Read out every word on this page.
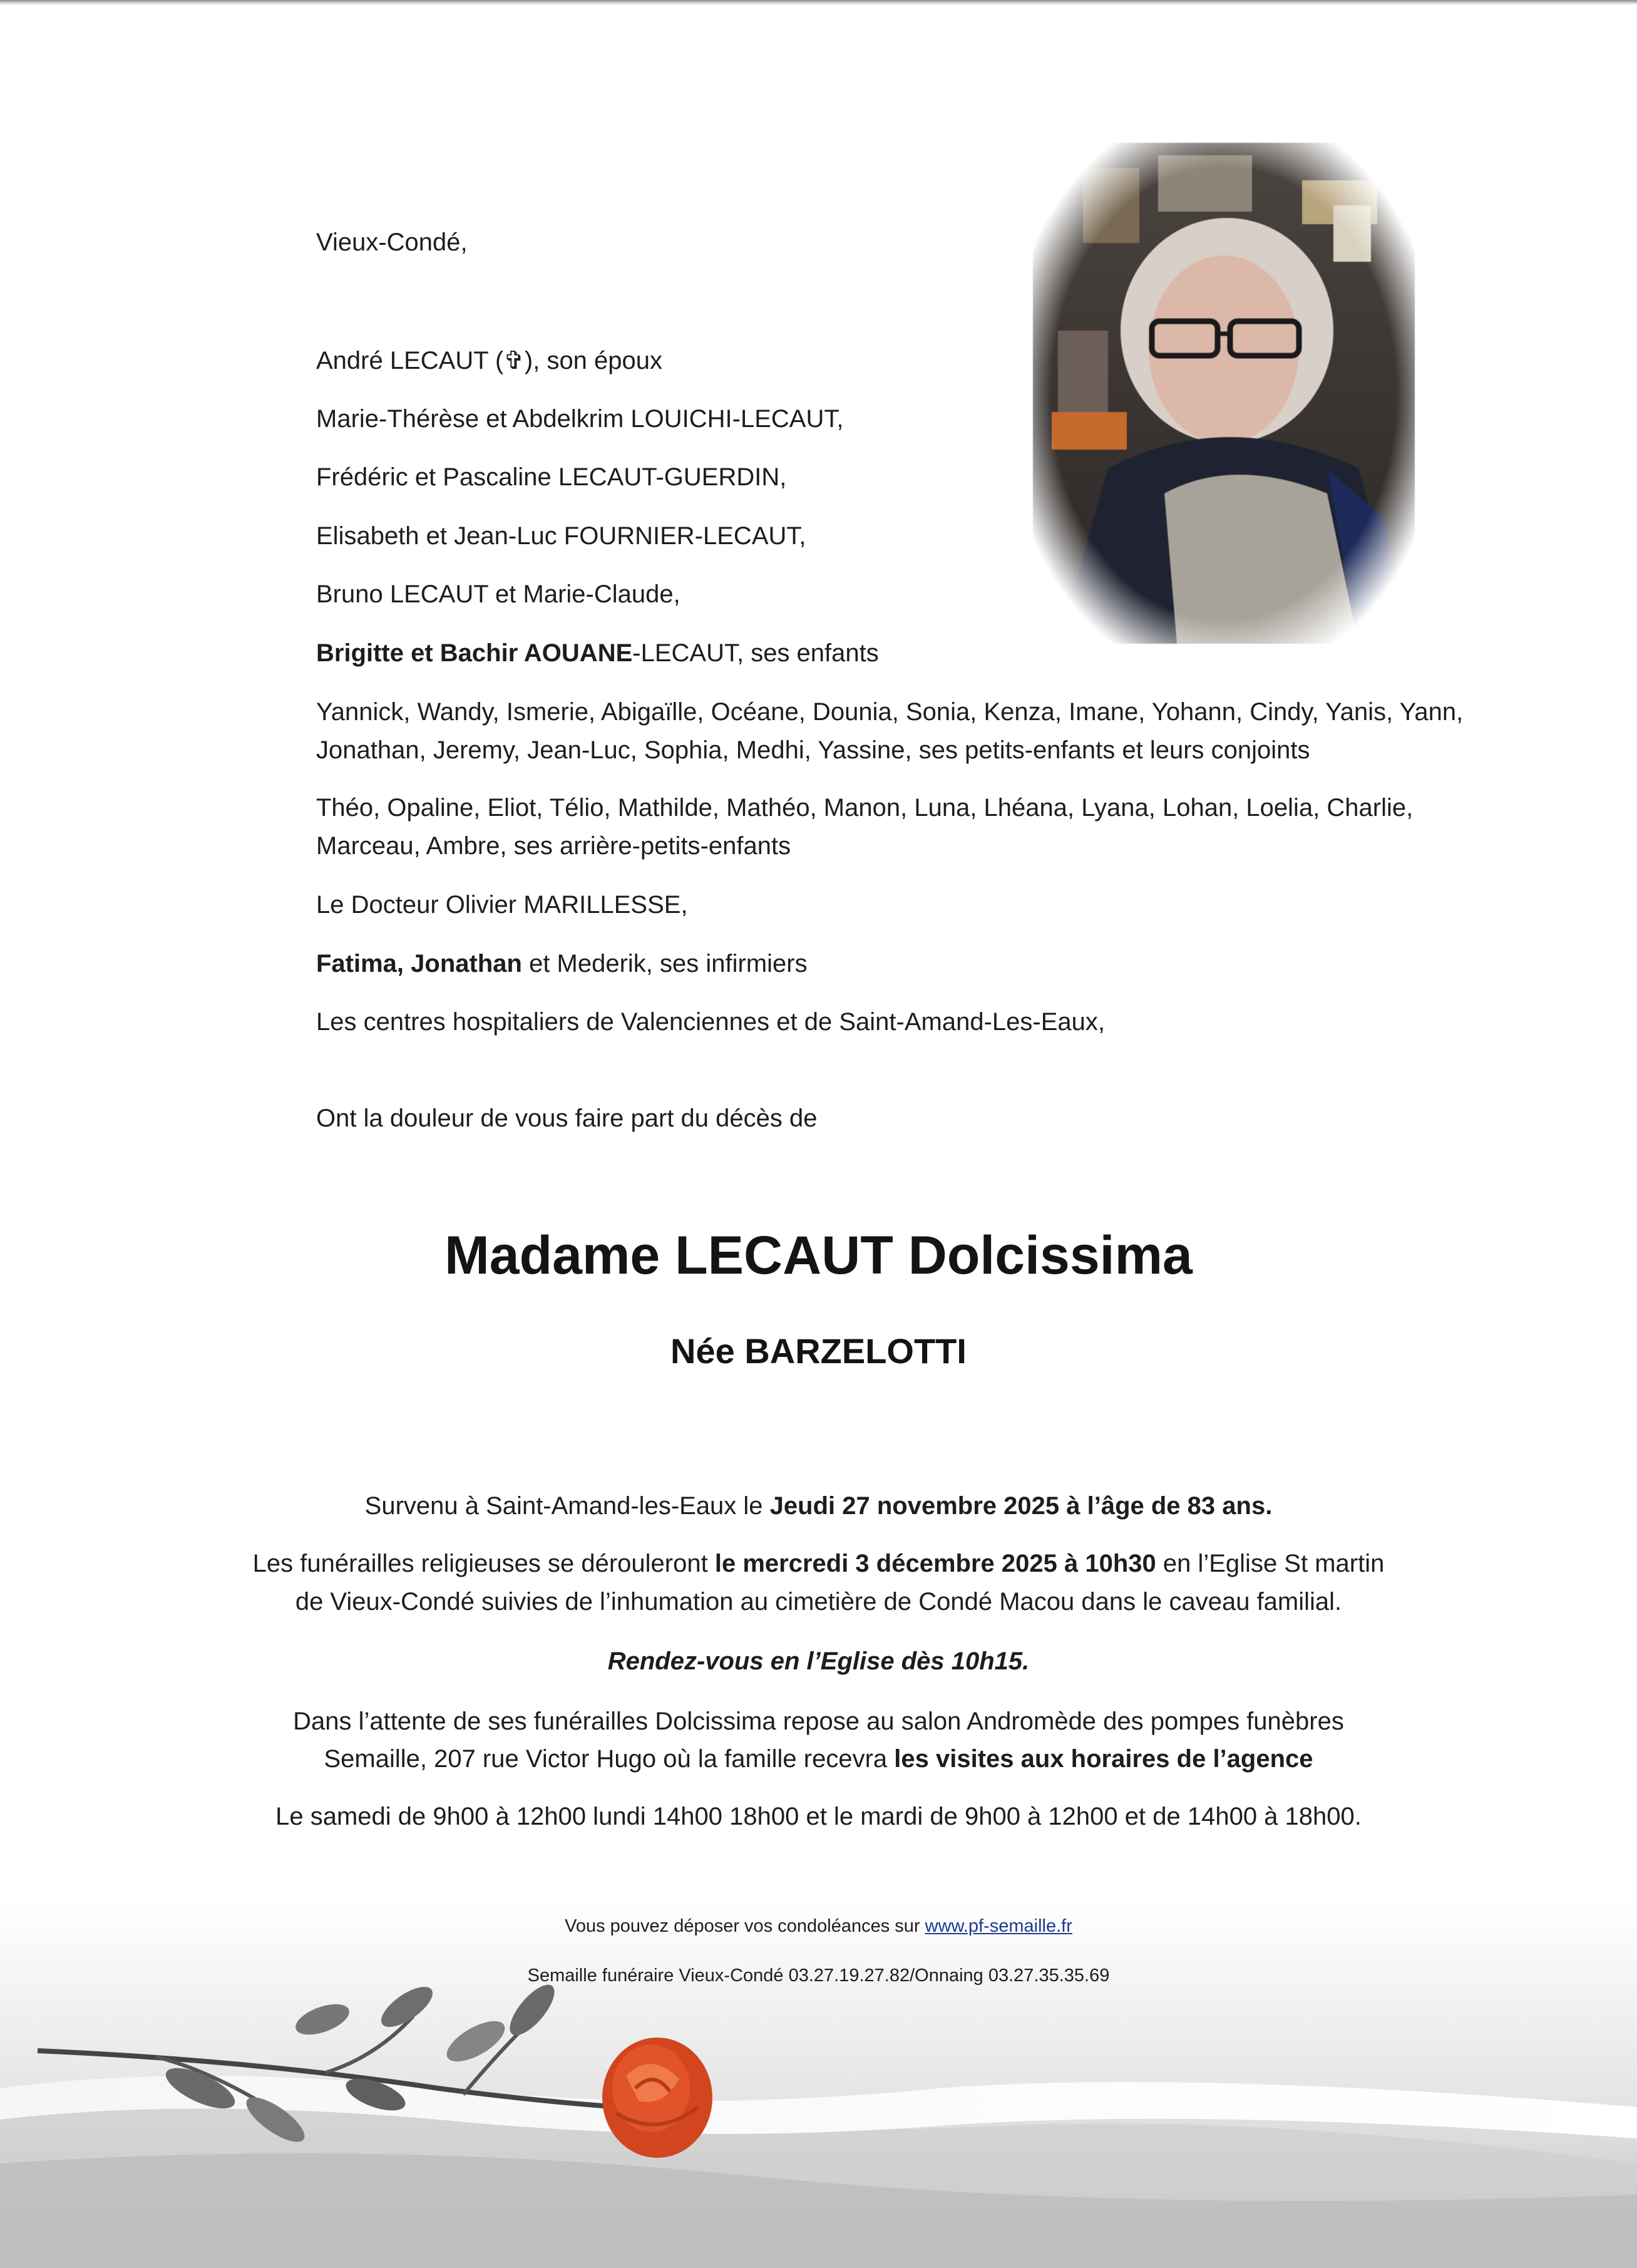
Vieux-Condé,
André LECAUT (✞), son époux
Marie-Thérèse et Abdelkrim LOUICHI-LECAUT,
Frédéric et Pascaline LECAUT-GUERDIN,
Elisabeth et Jean-Luc FOURNIER-LECAUT,
Bruno LECAUT et Marie-Claude,
Brigitte et Bachir AOUANE-LECAUT, ses enfants
Yannick, Wandy, Ismerie, Abigaïlle, Océane, Dounia, Sonia, Kenza, Imane, Yohann, Cindy, Yanis, Yann,
Jonathan, Jeremy, Jean-Luc, Sophia, Medhi, Yassine, ses petits-enfants et leurs conjoints
Théo, Opaline, Eliot, Télio, Mathilde, Mathéo, Manon, Luna, Lhéana, Lyana, Lohan, Loelia, Charlie,
Marceau, Ambre, ses arrière-petits-enfants
Le Docteur Olivier MARILLESSE,
Fatima, Jonathan et Mederik, ses infirmiers
Les centres hospitaliers de Valenciennes et de Saint-Amand-Les-Eaux,
Ont la douleur de vous faire part du décès de
Madame LECAUT Dolcissima
Née BARZELOTTI
Survenu à Saint-Amand-les-Eaux le Jeudi 27 novembre 2025 à l’âge de 83 ans.
Les funérailles religieuses se dérouleront le mercredi 3 décembre 2025 à 10h30 en l’Eglise St martin
de Vieux-Condé suivies de l’inhumation au cimetière de Condé Macou dans le caveau familial.
Rendez-vous en l’Eglise dès 10h15.
Dans l’attente de ses funérailles Dolcissima repose au salon Andromède des pompes funèbres
Semaille, 207 rue Victor Hugo où la famille recevra les visites aux horaires de l’agence
Le samedi de 9h00 à 12h00 lundi 14h00 18h00 et le mardi de 9h00 à 12h00 et de 14h00 à 18h00.
Vous pouvez déposer vos condoléances sur www.pf-semaille.fr
Semaille funéraire Vieux-Condé 03.27.19.27.82/Onnaing 03.27.35.35.69
